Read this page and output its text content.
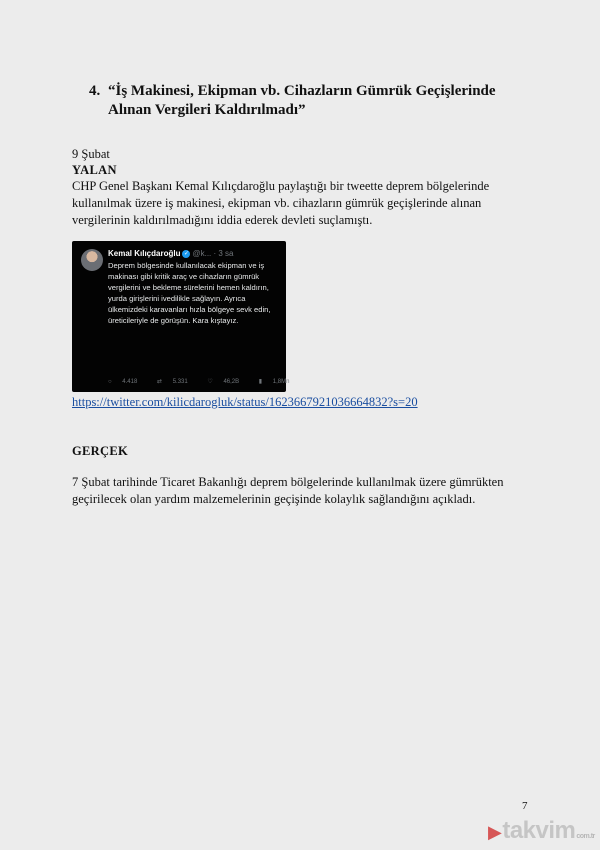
4. “İş Makinesi, Ekipman vb. Cihazların Gümrük Geçişlerinde Alınan Vergileri Kaldırılmadı”
9 Şubat
YALAN
CHP Genel Başkanı Kemal Kılıçdaroğlu paylaştığı bir tweette deprem bölgelerinde kullanılmak üzere iş makinesi, ekipman vb. cihazların gümrük geçişlerinde alınan vergilerinin kaldırılmadığını iddia ederek devleti suçlamıştı.
Kemal Kılıçdaroğlu ✓ @k... · 3 sa
Deprem bölgesinde kullanılacak ekipman ve iş makinası gibi kritik araç ve cihazların gümrük vergilerini ve bekleme sürelerini hemen kaldırın, yurda girişlerini ivedilikle sağlayın. Ayrıca ülkemizdeki karavanları hızla bölgeye sevk edin, üreticileriyle de görüşün. Kara kıştayız.
○ 4.418	⇄ 5.331	♡ 46,2B	▮ 1,8Mn
https://twitter.com/kilicdarogluk/status/1623667921036664832?s=20
GERÇEK
7 Şubat tarihinde Ticaret Bakanlığı deprem bölgelerinde kullanılmak üzere gümrükten geçirilecek olan yardım malzemelerinin geçişinde kolaylık sağlandığını açıkladı.
7
▶takvimcom.tr
